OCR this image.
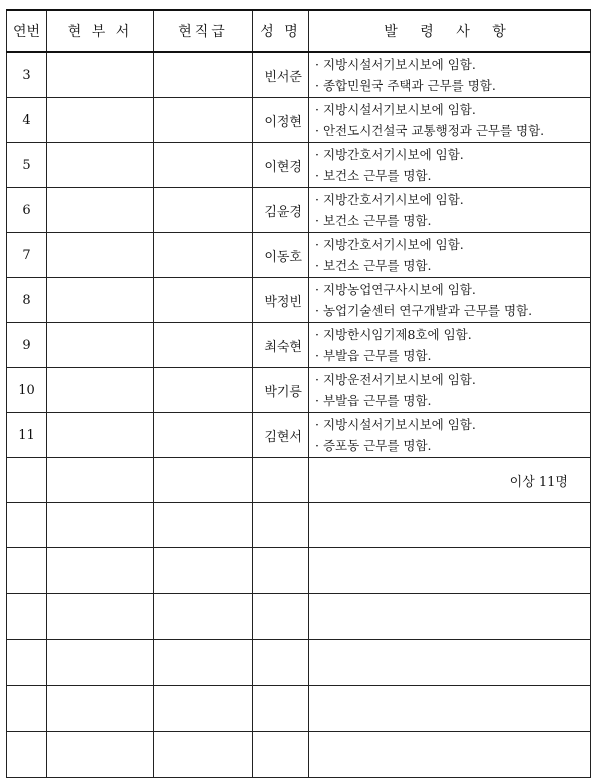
연번	현 부 서	현직급	성 명	발 령 사 항
3			빈서준	· 지방시설서기보시보에 임함.
· 종합민원국 주택과 근무를 명함.

4			이정현	· 지방시설서기보시보에 임함.
· 안전도시건설국 교통행정과 근무를 명함.

5			이현경	· 지방간호서기시보에 임함.
· 보건소 근무를 명함.

6			김윤경	· 지방간호서기시보에 임함.
· 보건소 근무를 명함.

7			이동호	· 지방간호서기시보에 임함.
· 보건소 근무를 명함.

8			박정빈	· 지방농업연구사시보에 임함.
· 농업기술센터 연구개발과 근무를 명함.

9			최숙현	· 지방한시임기제8호에 임함.
· 부발읍 근무를 명함.

10			박기릉	· 지방운전서기보시보에 임함.
· 부발읍 근무를 명함.

11			김현서	· 지방시설서기보시보에 임함.
· 증포동 근무를 명함.

				이상 11명
